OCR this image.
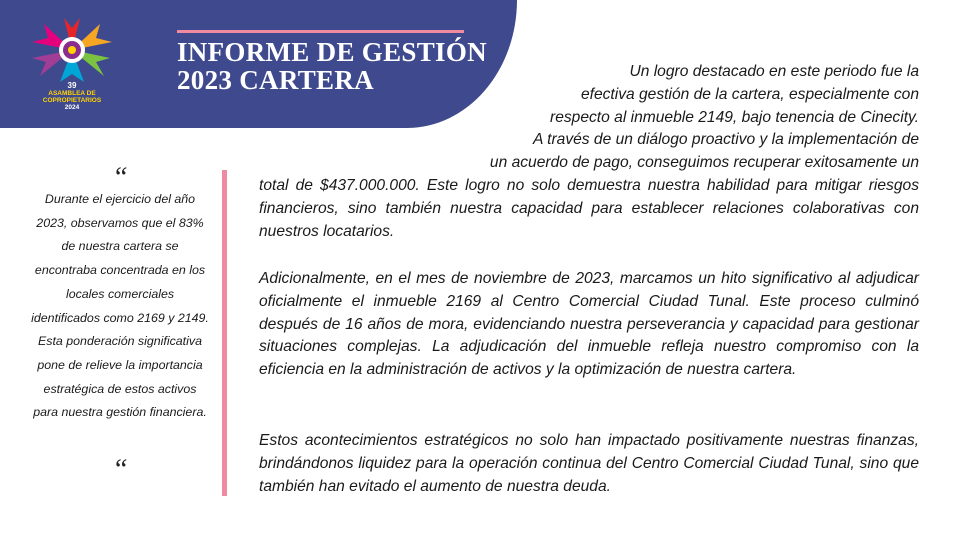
39
ASAMBLEA DE
COPROPIETARIOS
2024
INFORME DE GESTIÓN
2023 CARTERA
“
Durante el ejercicio del año 2023, observamos que el 83% de nuestra cartera se encontraba concentrada en los locales comerciales identificados como 2169 y 2149. Esta ponderación significativa pone de relieve la importancia estratégica de estos activos para nuestra gestión financiera.
“
Un logro destacado en este periodo fue la
efectiva gestión de la cartera, especialmente con
respecto al inmueble 2149, bajo tenencia de Cinecity.
A través de un diálogo proactivo y la implementación de
un acuerdo de pago, conseguimos recuperar exitosamente un
total de $437.000.000. Este logro no solo demuestra nuestra habilidad para mitigar riesgos financieros, sino también nuestra capacidad para establecer relaciones colaborativas con nuestros locatarios.
Adicionalmente, en el mes de noviembre de 2023, marcamos un hito significativo al adjudicar oficialmente el inmueble 2169 al Centro Comercial Ciudad Tunal. Este proceso culminó después de 16 años de mora, evidenciando nuestra perseverancia y capacidad para gestionar situaciones complejas. La adjudicación del inmueble refleja nuestro compromiso con la eficiencia en la administración de activos y la optimización de nuestra cartera.
Estos acontecimientos estratégicos no solo han impactado positivamente nuestras finanzas, brindándonos liquidez para la operación continua del Centro Comercial Ciudad Tunal, sino que también han evitado el aumento de nuestra deuda.
